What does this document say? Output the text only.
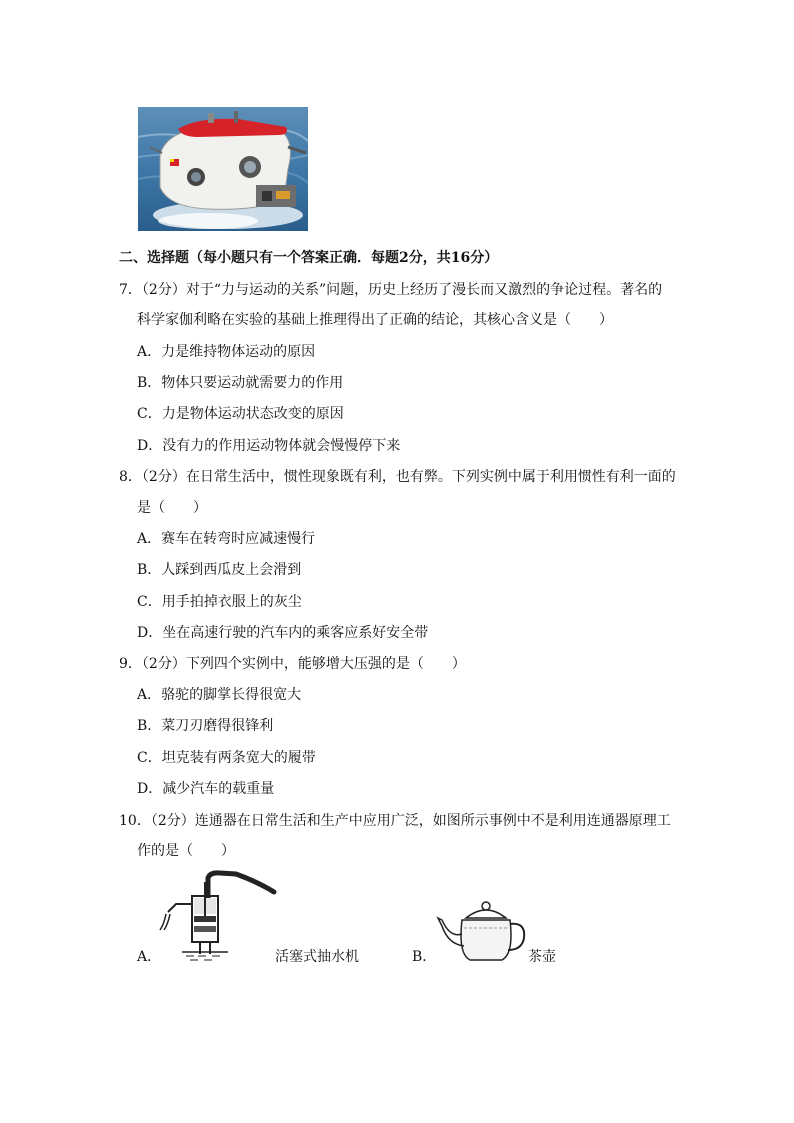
二、选择题（每小题只有一个答案正确．每题2分，共16分）
7．（2分）对于“力与运动的关系”问题，历史上经历了漫长而又激烈的争论过程。著名的
科学家伽利略在实验的基础上推理得出了正确的结论，其核心含义是（　　）
A．力是维持物体运动的原因
B．物体只要运动就需要力的作用
C．力是物体运动状态改变的原因
D．没有力的作用运动物体就会慢慢停下来
8．（2分）在日常生活中，惯性现象既有利，也有弊。下列实例中属于利用惯性有利一面的
是（　　）
A．赛车在转弯时应减速慢行
B．人踩到西瓜皮上会滑到
C．用手拍掉衣服上的灰尘
D．坐在高速行驶的汽车内的乘客应系好安全带
9．（2分）下列四个实例中，能够增大压强的是（　　）
A．骆驼的脚掌长得很宽大
B．菜刀刃磨得很锋利
C．坦克装有两条宽大的履带
D．减少汽车的载重量
10．（2分）连通器在日常生活和生产中应用广泛，如图所示事例中不是利用连通器原理工
作的是（　　）
A．	活塞式抽水机	B．	茶壶
